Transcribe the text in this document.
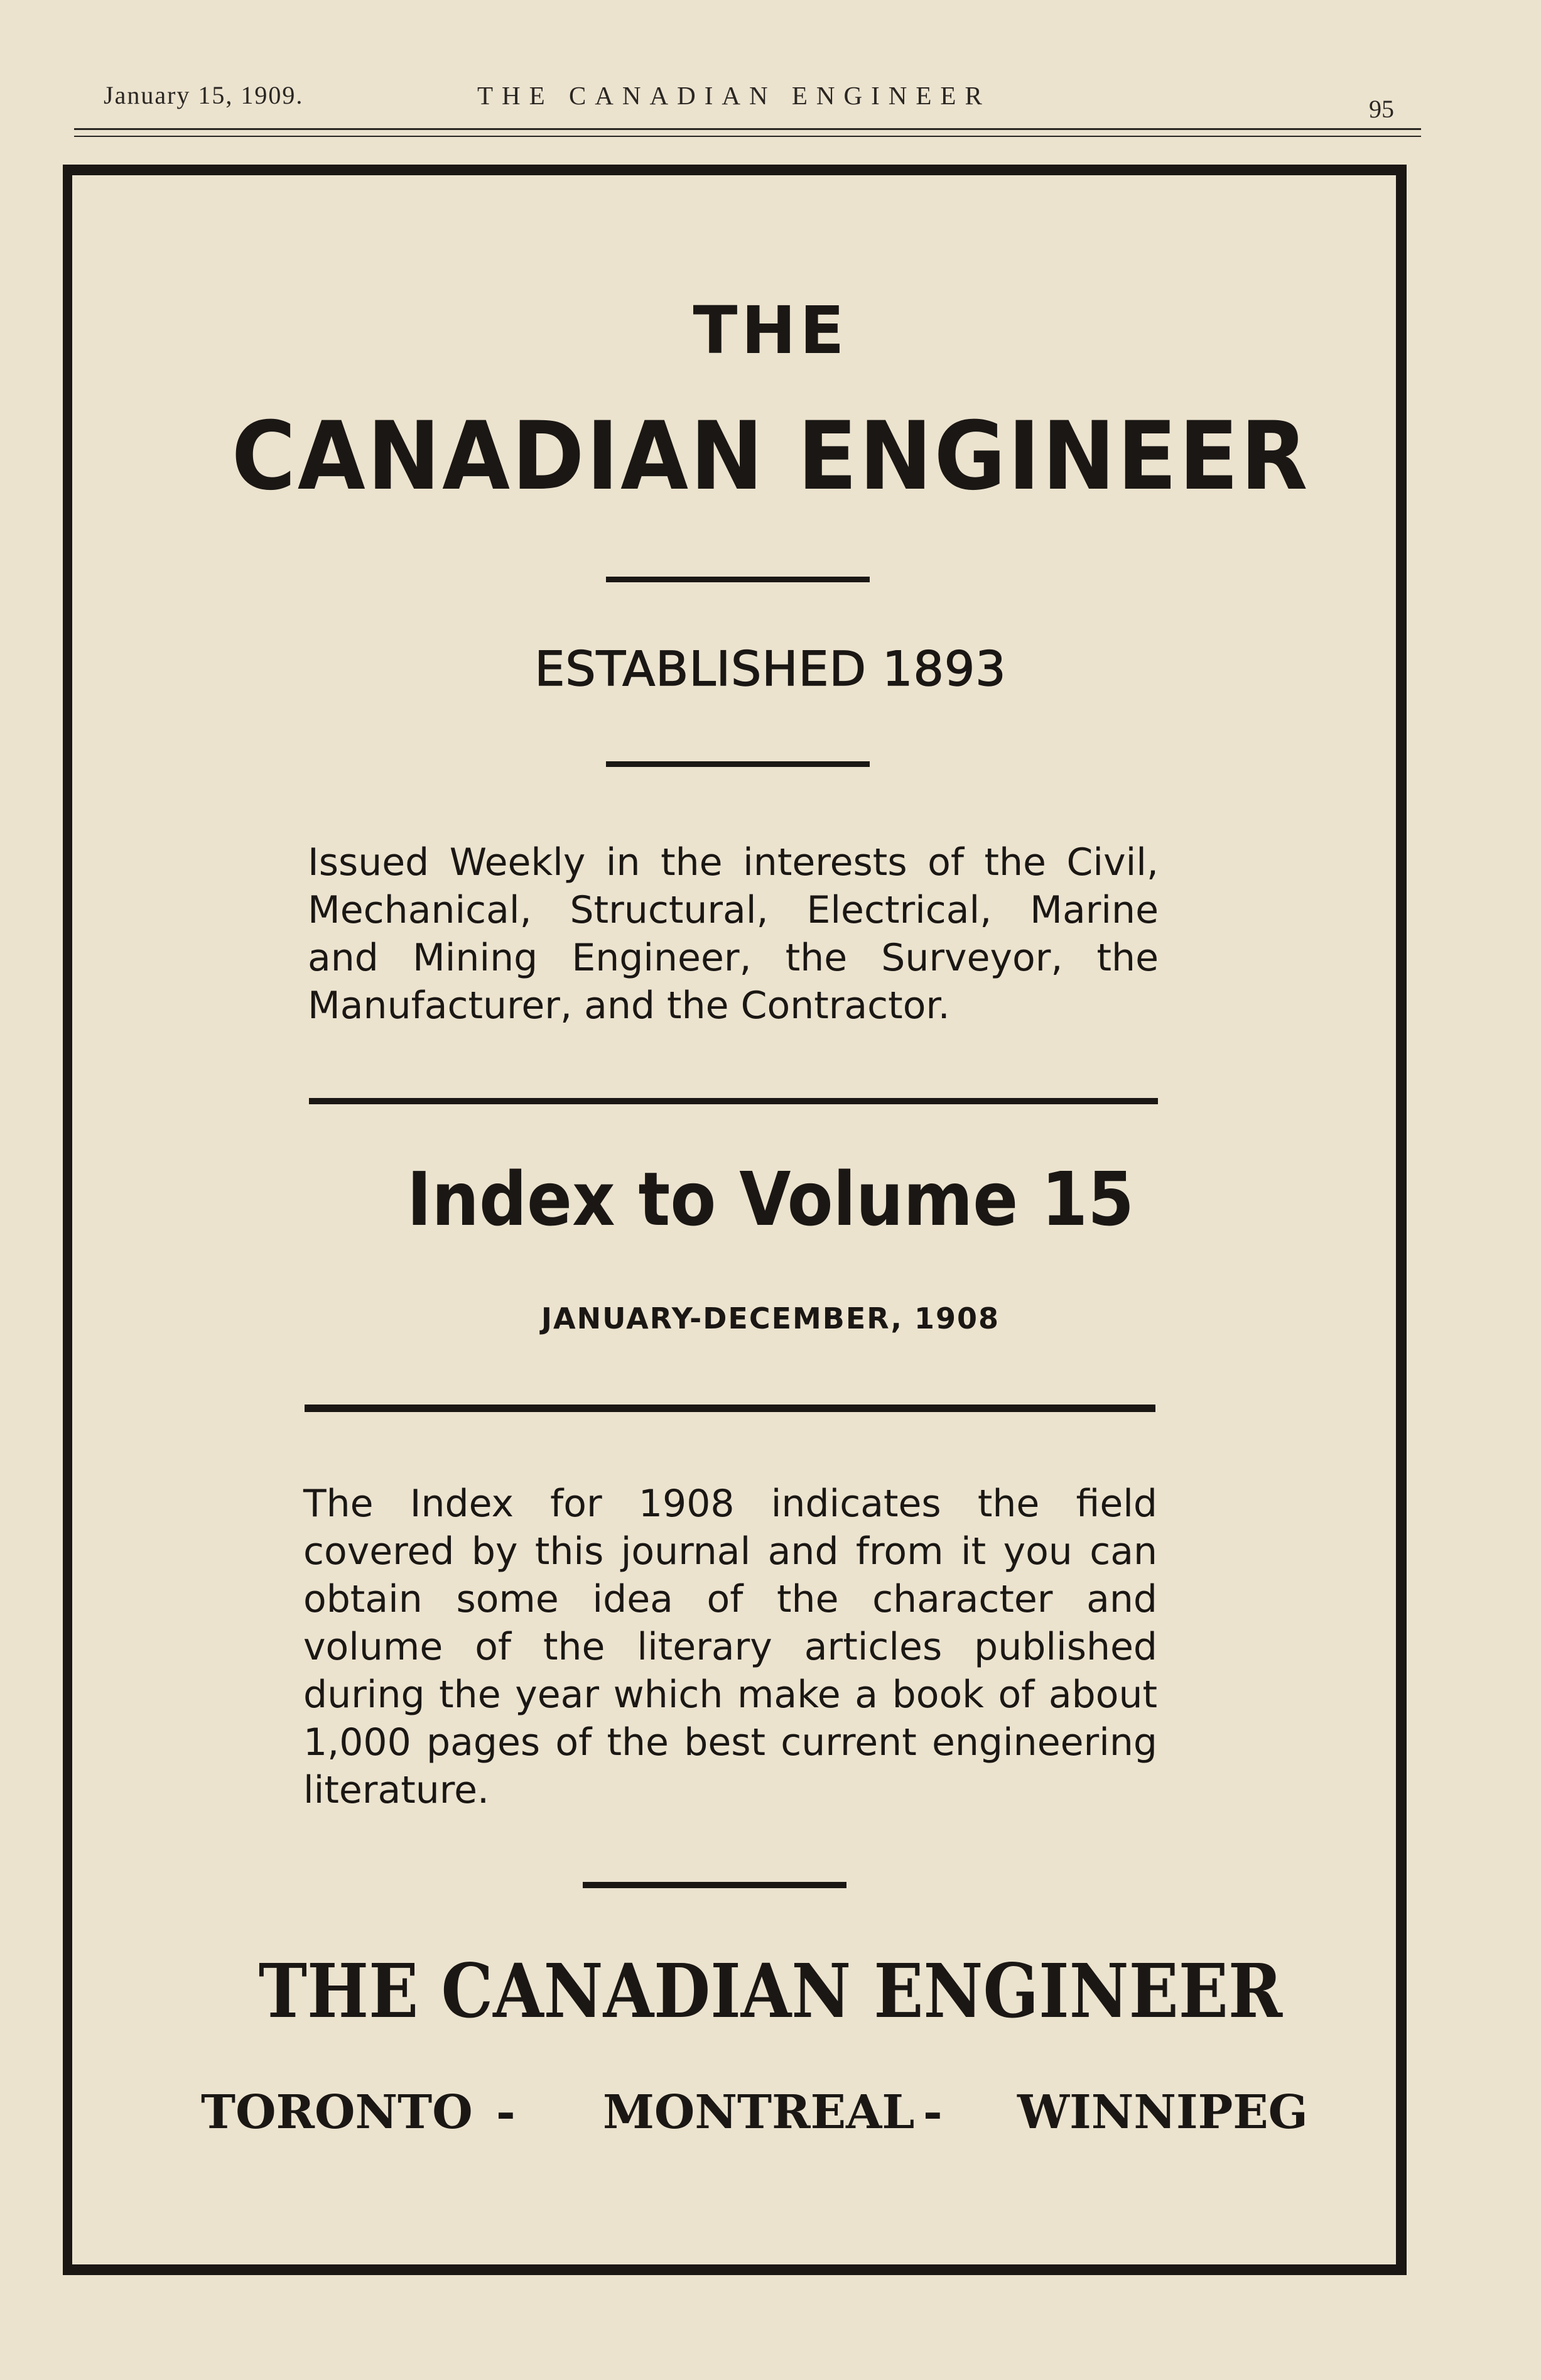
January 15, 1909.	THE CANADIAN ENGINEER	95
THE
CANADIAN ENGINEER
ESTABLISHED 1893
Issued Weekly in the interests of the Civil, Mechanical, Structural, Electrical, Marine and Mining Engineer, the Surveyor, the Manufacturer, and the Contractor.
Index to Volume 15
JANUARY-DECEMBER, 1908
The Index for 1908 indicates the field covered by this journal and from it you can obtain some idea of the character and volume of the literary articles published during the year which make a book of about 1,000 pages of the best current engineering literature.
THE CANADIAN ENGINEER
TORONTO - MONTREAL - WINNIPEG
